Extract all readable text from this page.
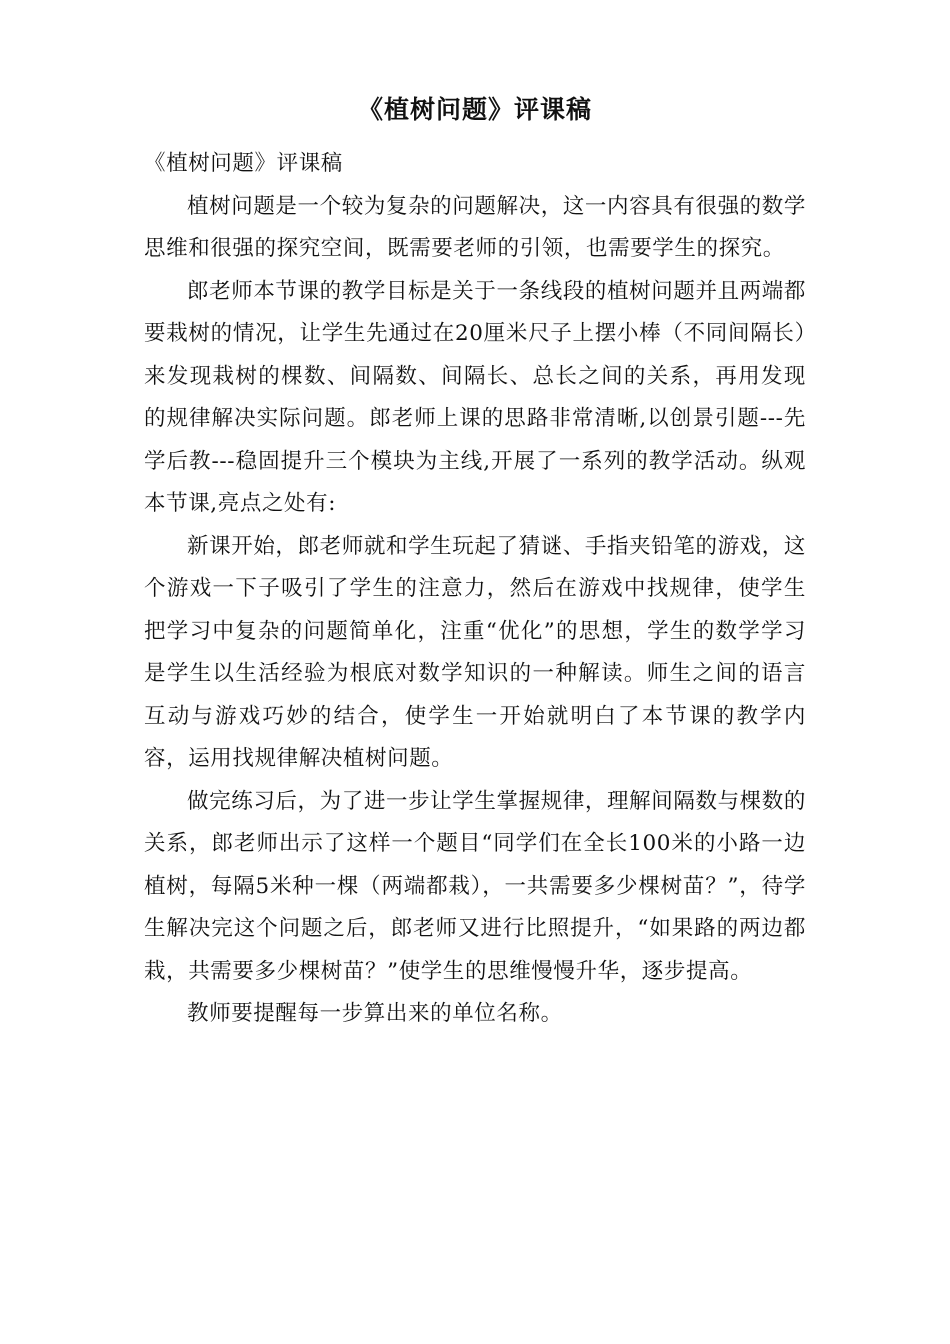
《植树问题》评课稿

《植树问题》评课稿

植树问题是一个较为复杂的问题解决，这一内容具有很强的数学思维和很强的探究空间，既需要老师的引领，也需要学生的探究。

郎老师本节课的教学目标是关于一条线段的植树问题并且两端都要栽树的情况，让学生先通过在20厘米尺子上摆小棒（不同间隔长）来发现栽树的棵数、间隔数、间隔长、总长之间的关系，再用发现的规律解决实际问题。郎老师上课的思路非常清晰,以创景引题---先学后教---稳固提升三个模块为主线,开展了一系列的教学活动。纵观本节课,亮点之处有:

新课开始，郎老师就和学生玩起了猜谜、手指夹铅笔的游戏，这个游戏一下子吸引了学生的注意力，然后在游戏中找规律，使学生把学习中复杂的问题简单化，注重“优化”的思想，学生的数学学习是学生以生活经验为根底对数学知识的一种解读。师生之间的语言互动与游戏巧妙的结合，使学生一开始就明白了本节课的教学内容，运用找规律解决植树问题。

做完练习后，为了进一步让学生掌握规律，理解间隔数与棵数的关系，郎老师出示了这样一个题目“同学们在全长100米的小路一边植树，每隔5米种一棵（两端都栽），一共需要多少棵树苗？”，待学生解决完这个问题之后，郎老师又进行比照提升，“如果路的两边都栽，共需要多少棵树苗？”使学生的思维慢慢升华，逐步提高。

教师要提醒每一步算出来的单位名称。
